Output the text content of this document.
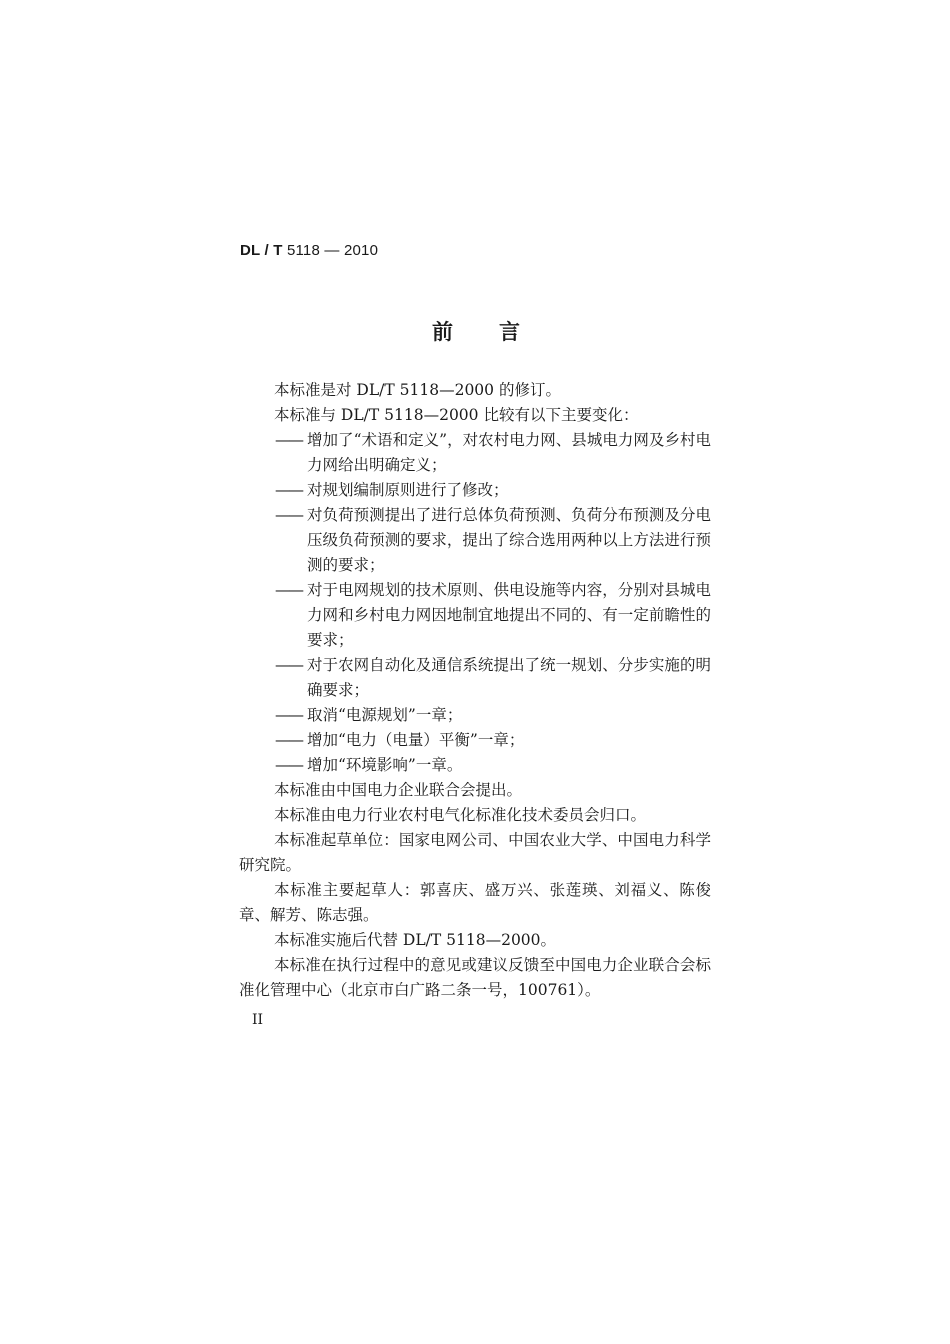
DL / T 5118 — 2010
前言

本标准是对 DL/T 5118—2000 的修订。

本标准与 DL/T 5118—2000 比较有以下主要变化：

—— 增加了“术语和定义”，对农村电力网、县城电力网及乡村电力网给出明确定义；

—— 对规划编制原则进行了修改；

—— 对负荷预测提出了进行总体负荷预测、负荷分布预测及分电压级负荷预测的要求，提出了综合选用两种以上方法进行预测的要求；

—— 对于电网规划的技术原则、供电设施等内容，分别对县城电力网和乡村电力网因地制宜地提出不同的、有一定前瞻性的要求；

—— 对于农网自动化及通信系统提出了统一规划、分步实施的明确要求；

—— 取消“电源规划”一章；

—— 增加“电力（电量）平衡”一章；

—— 增加“环境影响”一章。

本标准由中国电力企业联合会提出。

本标准由电力行业农村电气化标准化技术委员会归口。

本标准起草单位：国家电网公司、中国农业大学、中国电力科学研究院。

本标准主要起草人：郭喜庆、盛万兴、张莲瑛、刘福义、陈俊章、解芳、陈志强。

本标准实施后代替 DL/T 5118—2000。

本标准在执行过程中的意见或建议反馈至中国电力企业联合会标准化管理中心（北京市白广路二条一号，100761）。

II
